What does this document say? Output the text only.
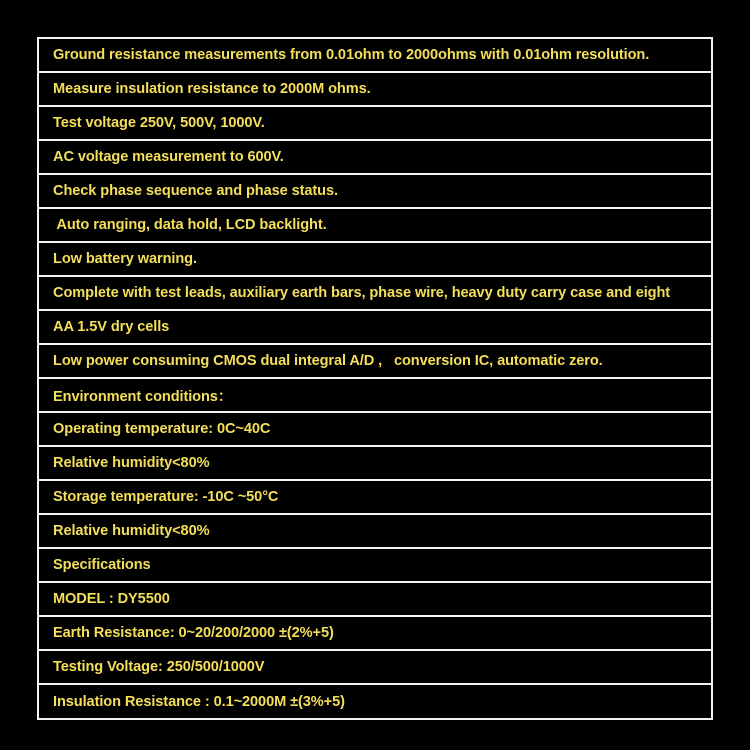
Ground resistance measurements from 0.01ohm to 2000ohms with 0.01ohm resolution.
Measure insulation resistance to 2000M ohms.
Test voltage 250V, 500V, 1000V.
AC voltage measurement to 600V.
Check phase sequence and phase status.
Auto ranging, data hold, LCD backlight.
Low battery warning.
Complete with test leads, auxiliary earth bars, phase wire, heavy duty carry case and eight
AA 1.5V dry cells
Low power consuming CMOS dual integral A/D ,   conversion IC, automatic zero.
Environment conditions：
Operating temperature: 0C~40C
Relative humidity<80%
Storage temperature: -10C ~50°C
Relative humidity<80%
Specifications
MODEL : DY5500
Earth Resistance: 0~20/200/2000 ±(2%+5)
Testing Voltage: 250/500/1000V
Insulation Resistance : 0.1~2000M ±(3%+5)
